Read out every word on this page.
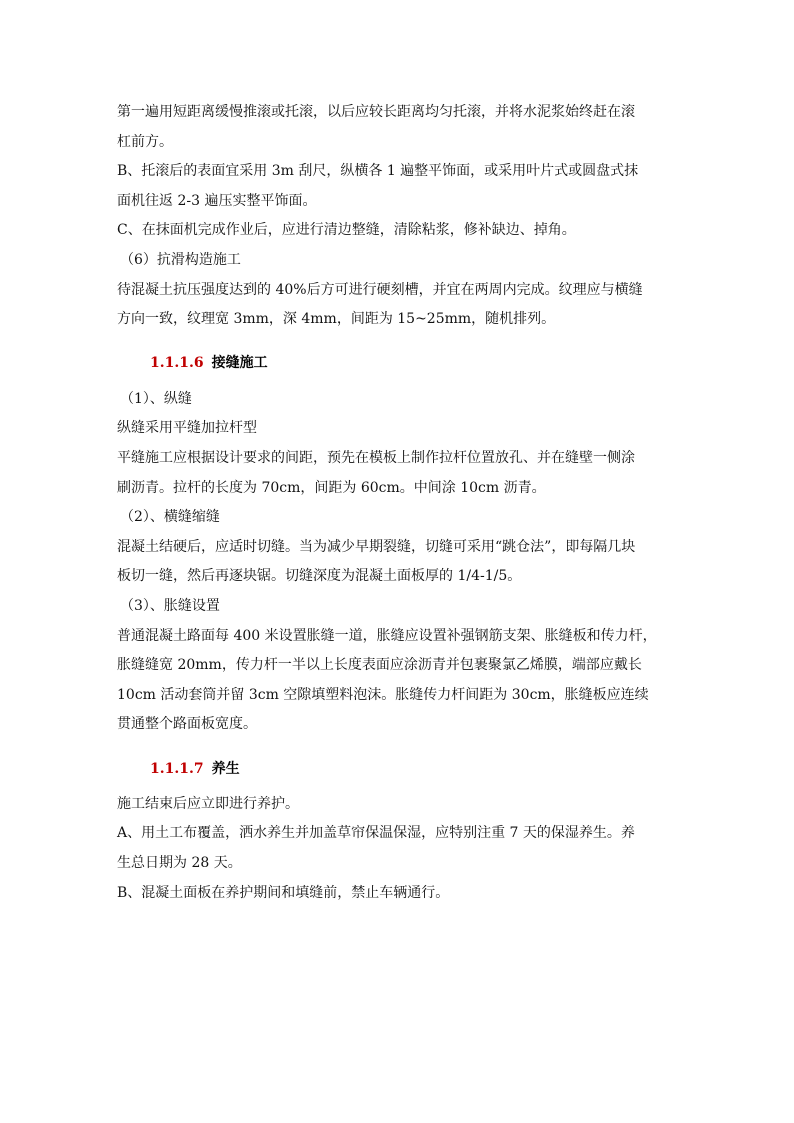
第一遍用短距离缓慢推滚或托滚，以后应较长距离均匀托滚，并将水泥浆始终赶在滚

杠前方。

B、托滚后的表面宜采用 3m 刮尺，纵横各 1 遍整平饰面，或采用叶片式或圆盘式抹

面机往返 2-3 遍压实整平饰面。

C、在抹面机完成作业后，应进行清边整缝，清除粘浆，修补缺边、掉角。

（6）抗滑构造施工

待混凝土抗压强度达到的 40%后方可进行硬刻槽，并宜在两周内完成。纹理应与横缝

方向一致，纹理宽 3mm，深 4mm，间距为 15~25mm，随机排列。

1.1.1.6 接缝施工

（1）、纵缝

纵缝采用平缝加拉杆型

平缝施工应根据设计要求的间距，预先在模板上制作拉杆位置放孔、并在缝壁一侧涂

刷沥青。拉杆的长度为 70cm，间距为 60cm。中间涂 10cm 沥青。

（2）、横缝缩缝

混凝土结硬后，应适时切缝。当为减少早期裂缝，切缝可采用“跳仓法”，即每隔几块

板切一缝，然后再逐块锯。切缝深度为混凝土面板厚的 1/4-1/5。

（3）、胀缝设置

普通混凝土路面每 400 米设置胀缝一道，胀缝应设置补强钢筋支架、胀缝板和传力杆，

胀缝缝宽 20mm，传力杆一半以上长度表面应涂沥青并包裹聚氯乙烯膜，端部应戴长

10cm 活动套筒并留 3cm 空隙填塑料泡沫。胀缝传力杆间距为 30cm，胀缝板应连续

贯通整个路面板宽度。

1.1.1.7 养生

施工结束后应立即进行养护。

A、用土工布覆盖，洒水养生并加盖草帘保温保湿，应特别注重 7 天的保湿养生。养

生总日期为 28 天。

B、混凝土面板在养护期间和填缝前，禁止车辆通行。
